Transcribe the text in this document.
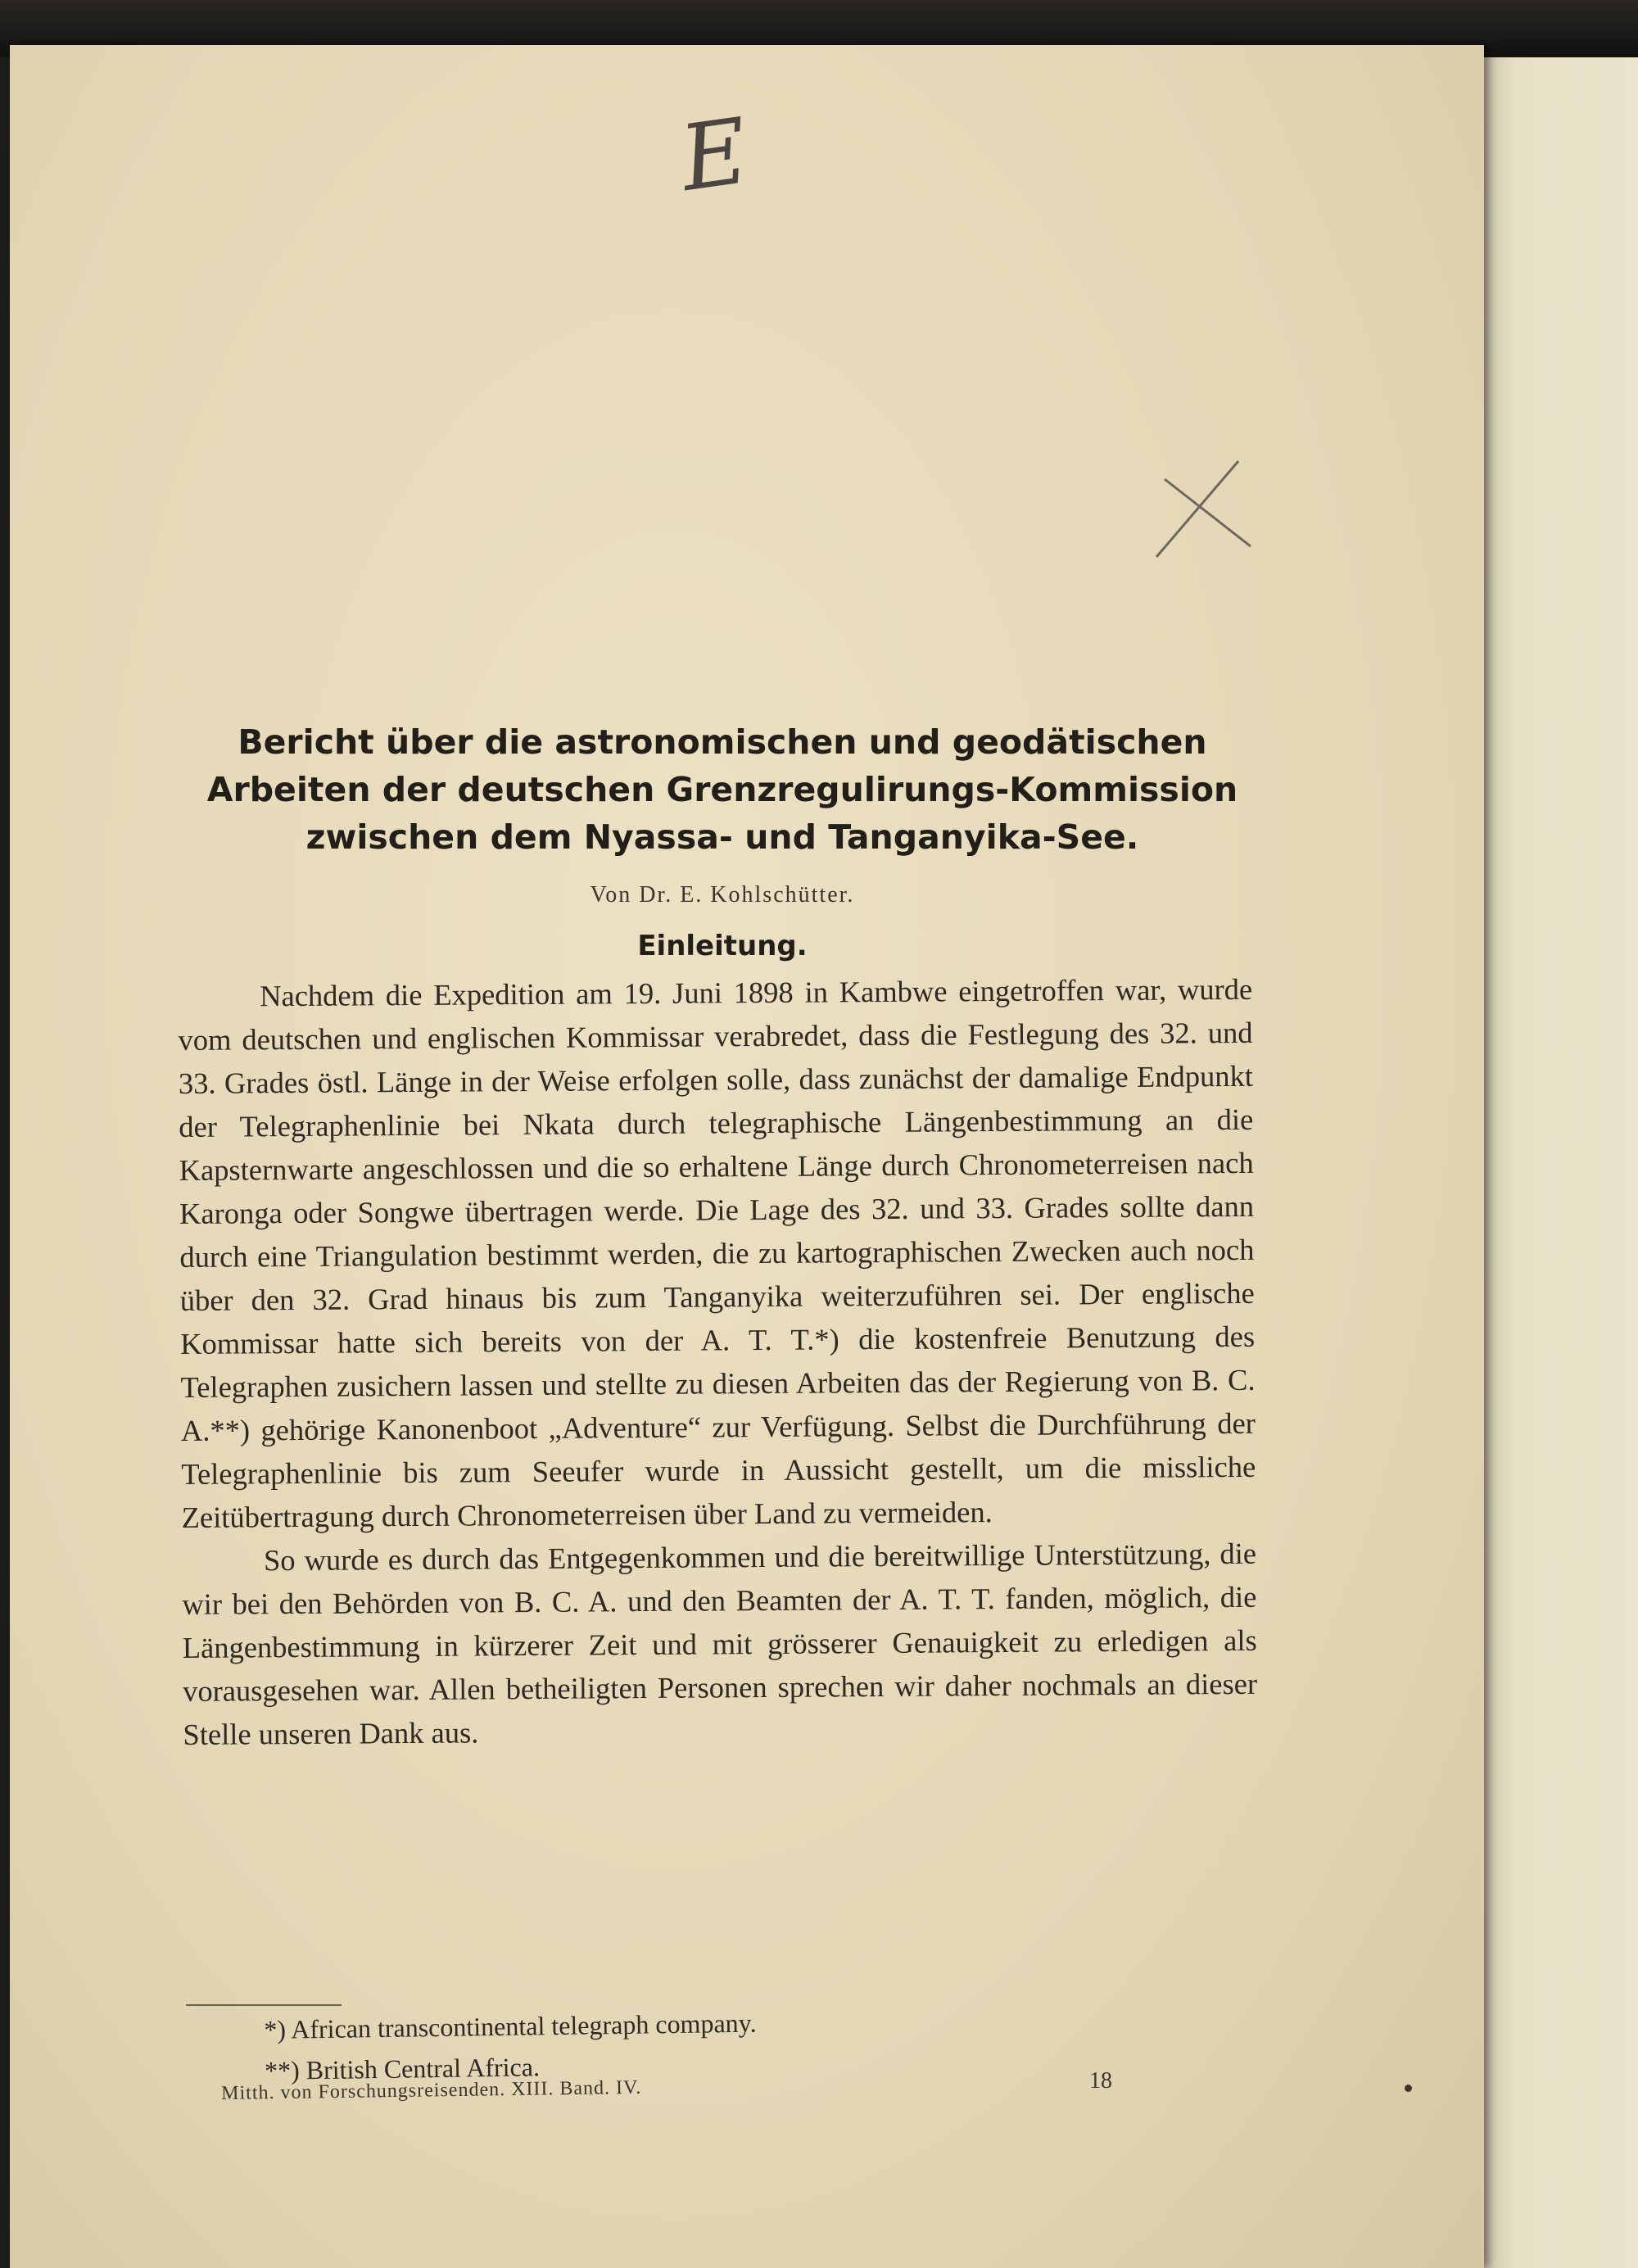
E
Bericht über die astronomischen und geodätischen
Arbeiten der deutschen Grenzregulirungs-Kommission
zwischen dem Nyassa- und Tanganyika-See.
Von Dr. E. Kohlschütter.
Einleitung.

Nachdem die Expedition am 19. Juni 1898 in Kambwe eingetroffen war, wurde vom deutschen und englischen Kommissar verabredet, dass die Festlegung des 32. und 33. Grades östl. Länge in der Weise erfolgen solle, dass zunächst der damalige Endpunkt der Telegraphenlinie bei Nkata durch telegraphische Längenbestimmung an die Kapsternwarte angeschlossen und die so erhaltene Länge durch Chronometerreisen nach Karonga oder Songwe übertragen werde. Die Lage des 32. und 33. Grades sollte dann durch eine Triangulation bestimmt werden, die zu kartographischen Zwecken auch noch über den 32. Grad hinaus bis zum Tanganyika weiterzuführen sei. Der englische Kommissar hatte sich bereits von der A. T. T.*) die kostenfreie Benutzung des Telegraphen zusichern lassen und stellte zu diesen Arbeiten das der Regierung von B. C. A.**) gehörige Kanonenboot „Adventure“ zur Verfügung. Selbst die Durchführung der Telegraphenlinie bis zum Seeufer wurde in Aussicht gestellt, um die missliche Zeitübertragung durch Chronometerreisen über Land zu vermeiden.

So wurde es durch das Entgegenkommen und die bereitwillige Unterstützung, die wir bei den Behörden von B. C. A. und den Beamten der A. T. T. fanden, möglich, die Längenbestimmung in kürzerer Zeit und mit grösserer Genauigkeit zu erledigen als vorausgesehen war. Allen betheiligten Personen sprechen wir daher nochmals an dieser Stelle unseren Dank aus.

*) African transcontinental telegraph company.
**) British Central Africa.
Mitth. von Forschungsreisenden. XIII. Band. IV.	18
